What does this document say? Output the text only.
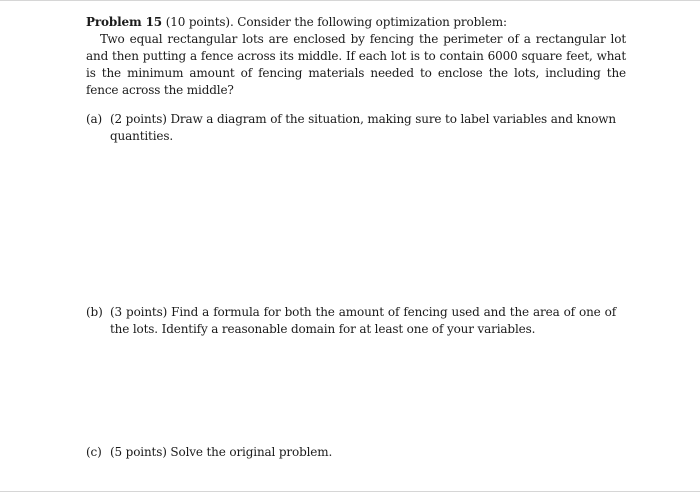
Problem 15 (10 points). Consider the following optimization problem:
Two equal rectangular lots are enclosed by fencing the perimeter of a rectangular lot and then putting a fence across its middle. If each lot is to contain 6000 square feet, what is the minimum amount of fencing materials needed to enclose the lots, including the fence across the middle?
(a) (2 points) Draw a diagram of the situation, making sure to label variables and known quantities.
(b) (3 points) Find a formula for both the amount of fencing used and the area of one of the lots. Identify a reasonable domain for at least one of your variables.
(c) (5 points) Solve the original problem.
